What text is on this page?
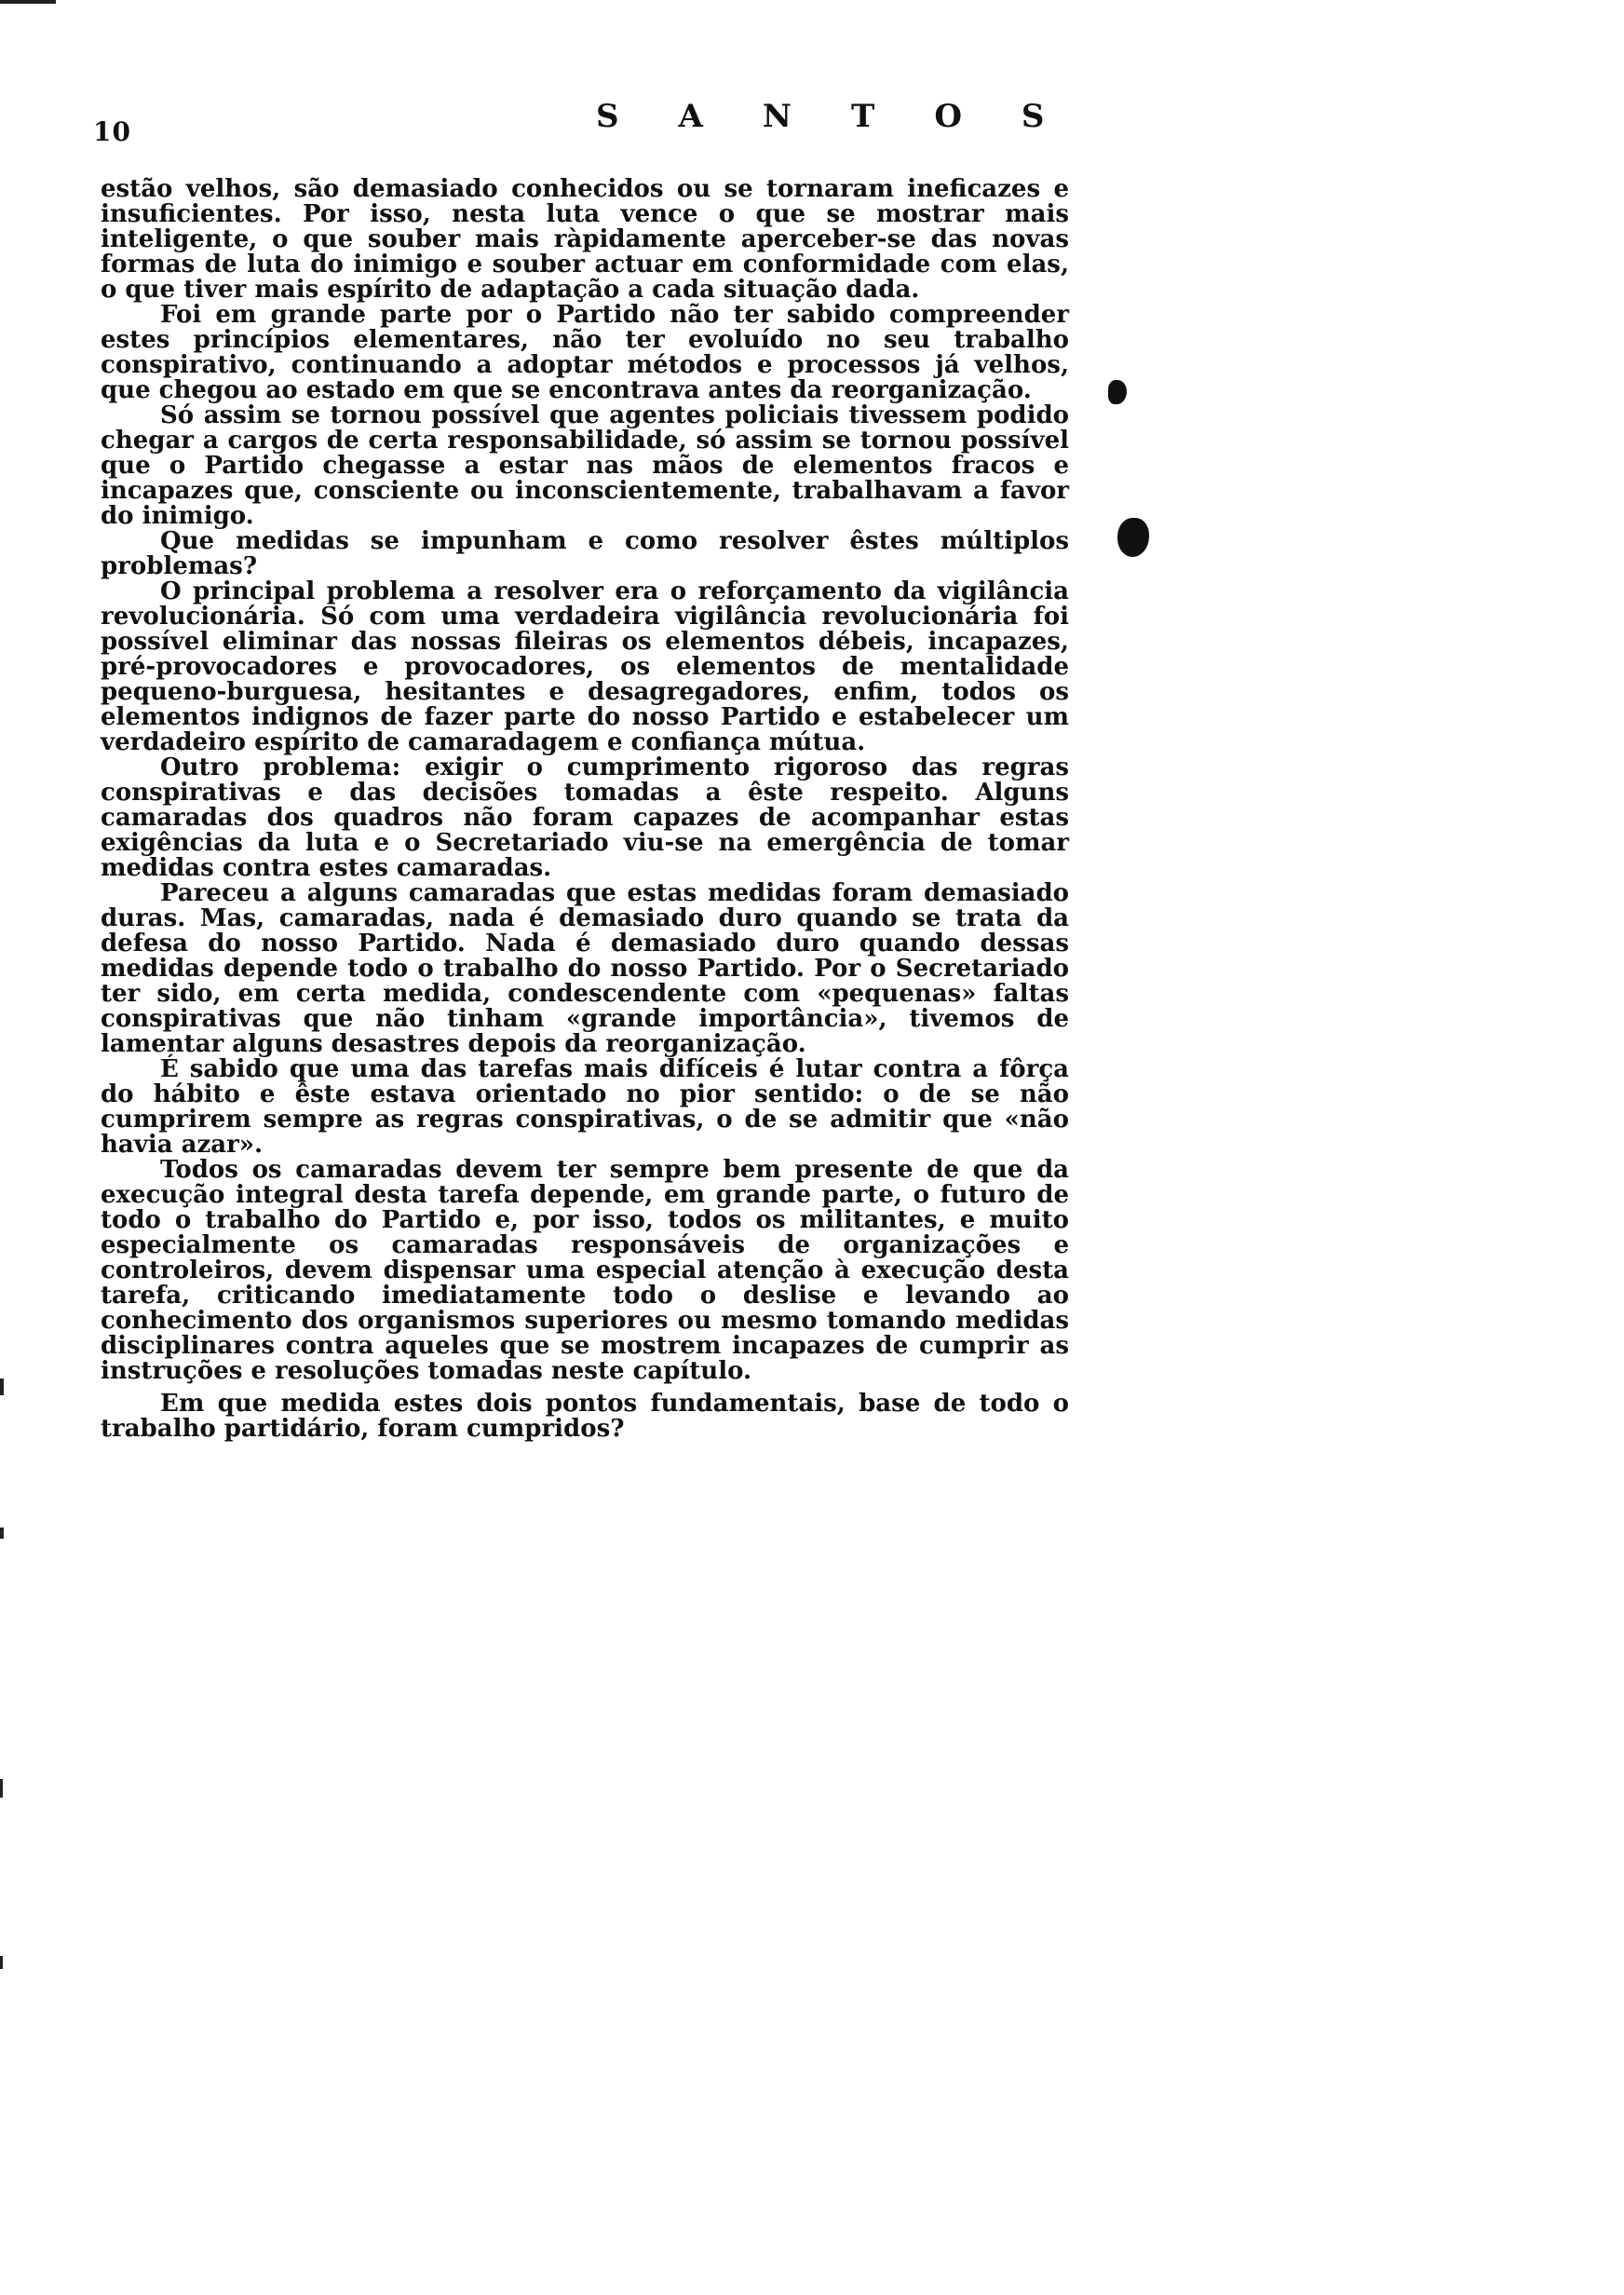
10	SANTOS

estão velhos, são demasiado conhecidos ou se tornaram ineficazes e insuficientes. Por isso, nesta luta vence o que se mostrar mais inteligente, o que souber mais ràpidamente aperceber-se das novas formas de luta do inimigo e souber actuar em conformidade com elas, o que tiver mais espírito de adaptação a cada situação dada.

Foi em grande parte por o Partido não ter sabido compreender estes princípios elementares, não ter evoluído no seu trabalho conspirativo, continuando a adoptar métodos e processos já velhos, que chegou ao estado em que se encontrava antes da reorganização.

Só assim se tornou possível que agentes policiais tivessem podido chegar a cargos de certa responsabilidade, só assim se tornou possível que o Partido chegasse a estar nas mãos de elementos fracos e incapazes que, consciente ou inconscientemente, trabalhavam a favor do inimigo.

Que medidas se impunham e como resolver êstes múltiplos problemas?

O principal problema a resolver era o reforçamento da vigilância revolucionária. Só com uma verdadeira vigilância revolucionária foi possível eliminar das nossas fileiras os elementos débeis, incapazes, pré-provocadores e provocadores, os elementos de mentalidade pequeno-burguesa, hesitantes e desagregadores, enfim, todos os elementos indignos de fazer parte do nosso Partido e estabelecer um verdadeiro espírito de camaradagem e confiança mútua.

Outro problema: exigir o cumprimento rigoroso das regras conspirativas e das decisões tomadas a êste respeito. Alguns camaradas dos quadros não foram capazes de acompanhar estas exigências da luta e o Secretariado viu-se na emergência de tomar medidas contra estes camaradas.

Pareceu a alguns camaradas que estas medidas foram demasiado duras. Mas, camaradas, nada é demasiado duro quando se trata da defesa do nosso Partido. Nada é demasiado duro quando dessas medidas depende todo o trabalho do nosso Partido. Por o Secretariado ter sido, em certa medida, condescendente com «pequenas» faltas conspirativas que não tinham «grande importância», tivemos de lamentar alguns desastres depois da reorganização.

É sabido que uma das tarefas mais difíceis é lutar contra a fôrça do hábito e êste estava orientado no pior sentido: o de se não cumprirem sempre as regras conspirativas, o de se admitir que «não havia azar».

Todos os camaradas devem ter sempre bem presente de que da execução integral desta tarefa depende, em grande parte, o futuro de todo o trabalho do Partido e, por isso, todos os militantes, e muito especialmente os camaradas responsáveis de organizações e controleiros, devem dispensar uma especial atenção à execução desta tarefa, criticando imediatamente todo o deslise e levando ao conhecimento dos organismos superiores ou mesmo tomando medidas disciplinares contra aqueles que se mostrem incapazes de cumprir as instruções e resoluções tomadas neste capítulo.

Em que medida estes dois pontos fundamentais, base de todo o trabalho partidário, foram cumpridos?
